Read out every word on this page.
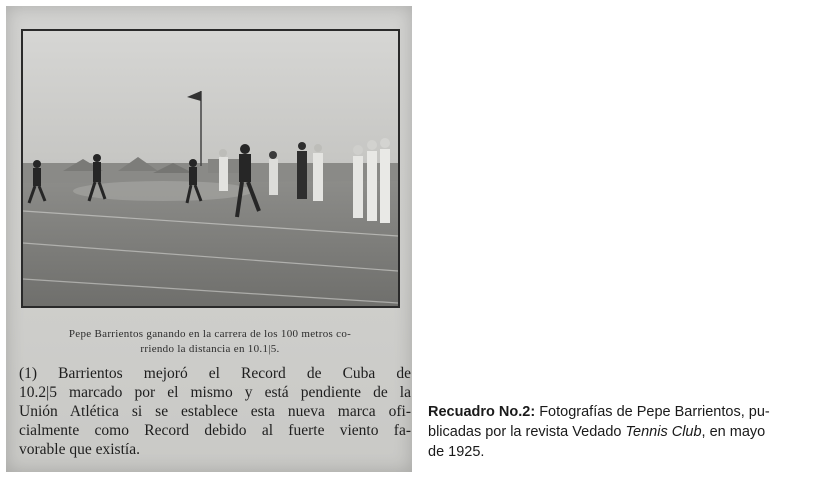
Pepe Barrientos ganando en la carrera de los 100 metros co-
rriendo la distancia en 10.1|5.
(1) Barrientos mejoró el Record de Cuba de
10.2|5 marcado por el mismo y está pendiente de la
Unión Atlética si se establece esta nueva marca ofi-
cialmente como Record debido al fuerte viento fa-
vorable que existía.
Recuadro No.2: Fotografías de Pepe Barrientos, pu-
blicadas por la revista Vedado Tennis Club, en mayo
de 1925.
